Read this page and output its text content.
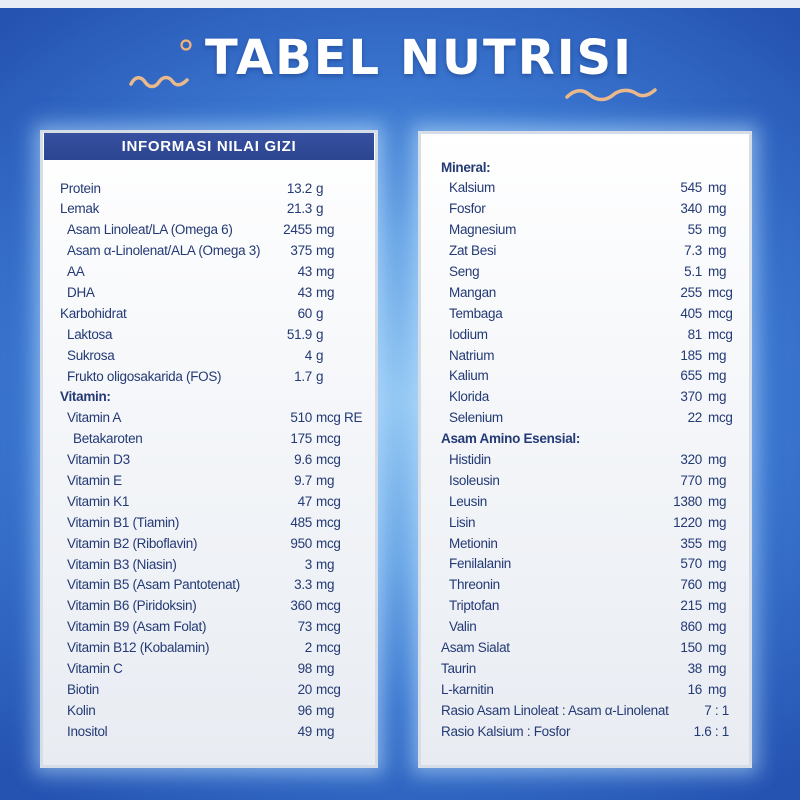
TABEL NUTRISI
INFORMASI NILAI GIZI
Protein	13.2 g
Lemak	21.3 g
Asam Linoleat/LA (Omega 6)	2455 mg
Asam α-Linolenat/ALA (Omega 3)	375 mg
AA	43 mg
DHA	43 mg
Karbohidrat	60 g
Laktosa	51.9 g
Sukrosa	4 g
Frukto oligosakarida (FOS)	1.7 g
Vitamin:
Vitamin A	510 mcg RE
Betakaroten	175 mcg
Vitamin D3	9.6 mcg
Vitamin E	9.7 mg
Vitamin K1	47 mcg
Vitamin B1 (Tiamin)	485 mcg
Vitamin B2 (Riboflavin)	950 mcg
Vitamin B3 (Niasin)	3 mg
Vitamin B5 (Asam Pantotenat)	3.3 mg
Vitamin B6 (Piridoksin)	360 mcg
Vitamin B9 (Asam Folat)	73 mcg
Vitamin B12 (Kobalamin)	2 mcg
Vitamin C	98 mg
Biotin	20 mcg
Kolin	96 mg
Inositol	49 mg
Mineral:
Kalsium	545 mg
Fosfor	340 mg
Magnesium	55 mg
Zat Besi	7.3 mg
Seng	5.1 mg
Mangan	255 mcg
Tembaga	405 mcg
Iodium	81 mcg
Natrium	185 mg
Kalium	655 mg
Klorida	370 mg
Selenium	22 mcg
Asam Amino Esensial:
Histidin	320 mg
Isoleusin	770 mg
Leusin	1380 mg
Lisin	1220 mg
Metionin	355 mg
Fenilalanin	570 mg
Threonin	760 mg
Triptofan	215 mg
Valin	860 mg
Asam Sialat	150 mg
Taurin	38 mg
L-karnitin	16 mg
Rasio Asam Linoleat : Asam α-Linolenat	7 : 1
Rasio Kalsium : Fosfor	1.6 : 1
